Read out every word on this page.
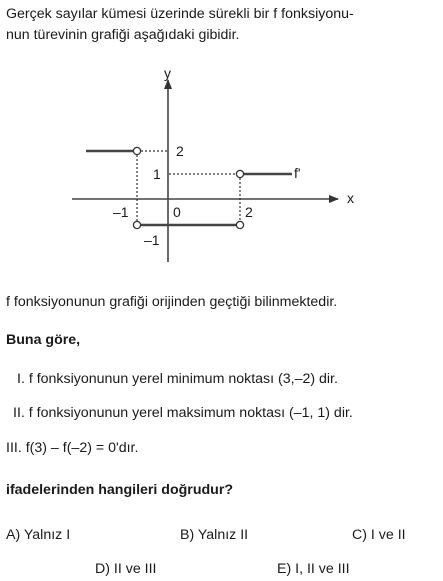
Gerçek sayılar kümesi üzerinde sürekli bir f fonksiyonu-
nun türevinin grafiği aşağıdaki gibidir.
y
x
2
1
–1
0
–1	2
f'
f fonksiyonunun grafiği orijinden geçtiği bilinmektedir.
Buna göre,
I. f fonksiyonunun yerel minimum noktası (3,–2) dir.
II. f fonksiyonunun yerel maksimum noktası (–1, 1) dir.
III. f(3) – f(–2) = 0'dır.
ifadelerinden hangileri doğrudur?
A) Yalnız I	B) Yalnız II	C) I ve II
D) II ve III	E) I, II ve III
